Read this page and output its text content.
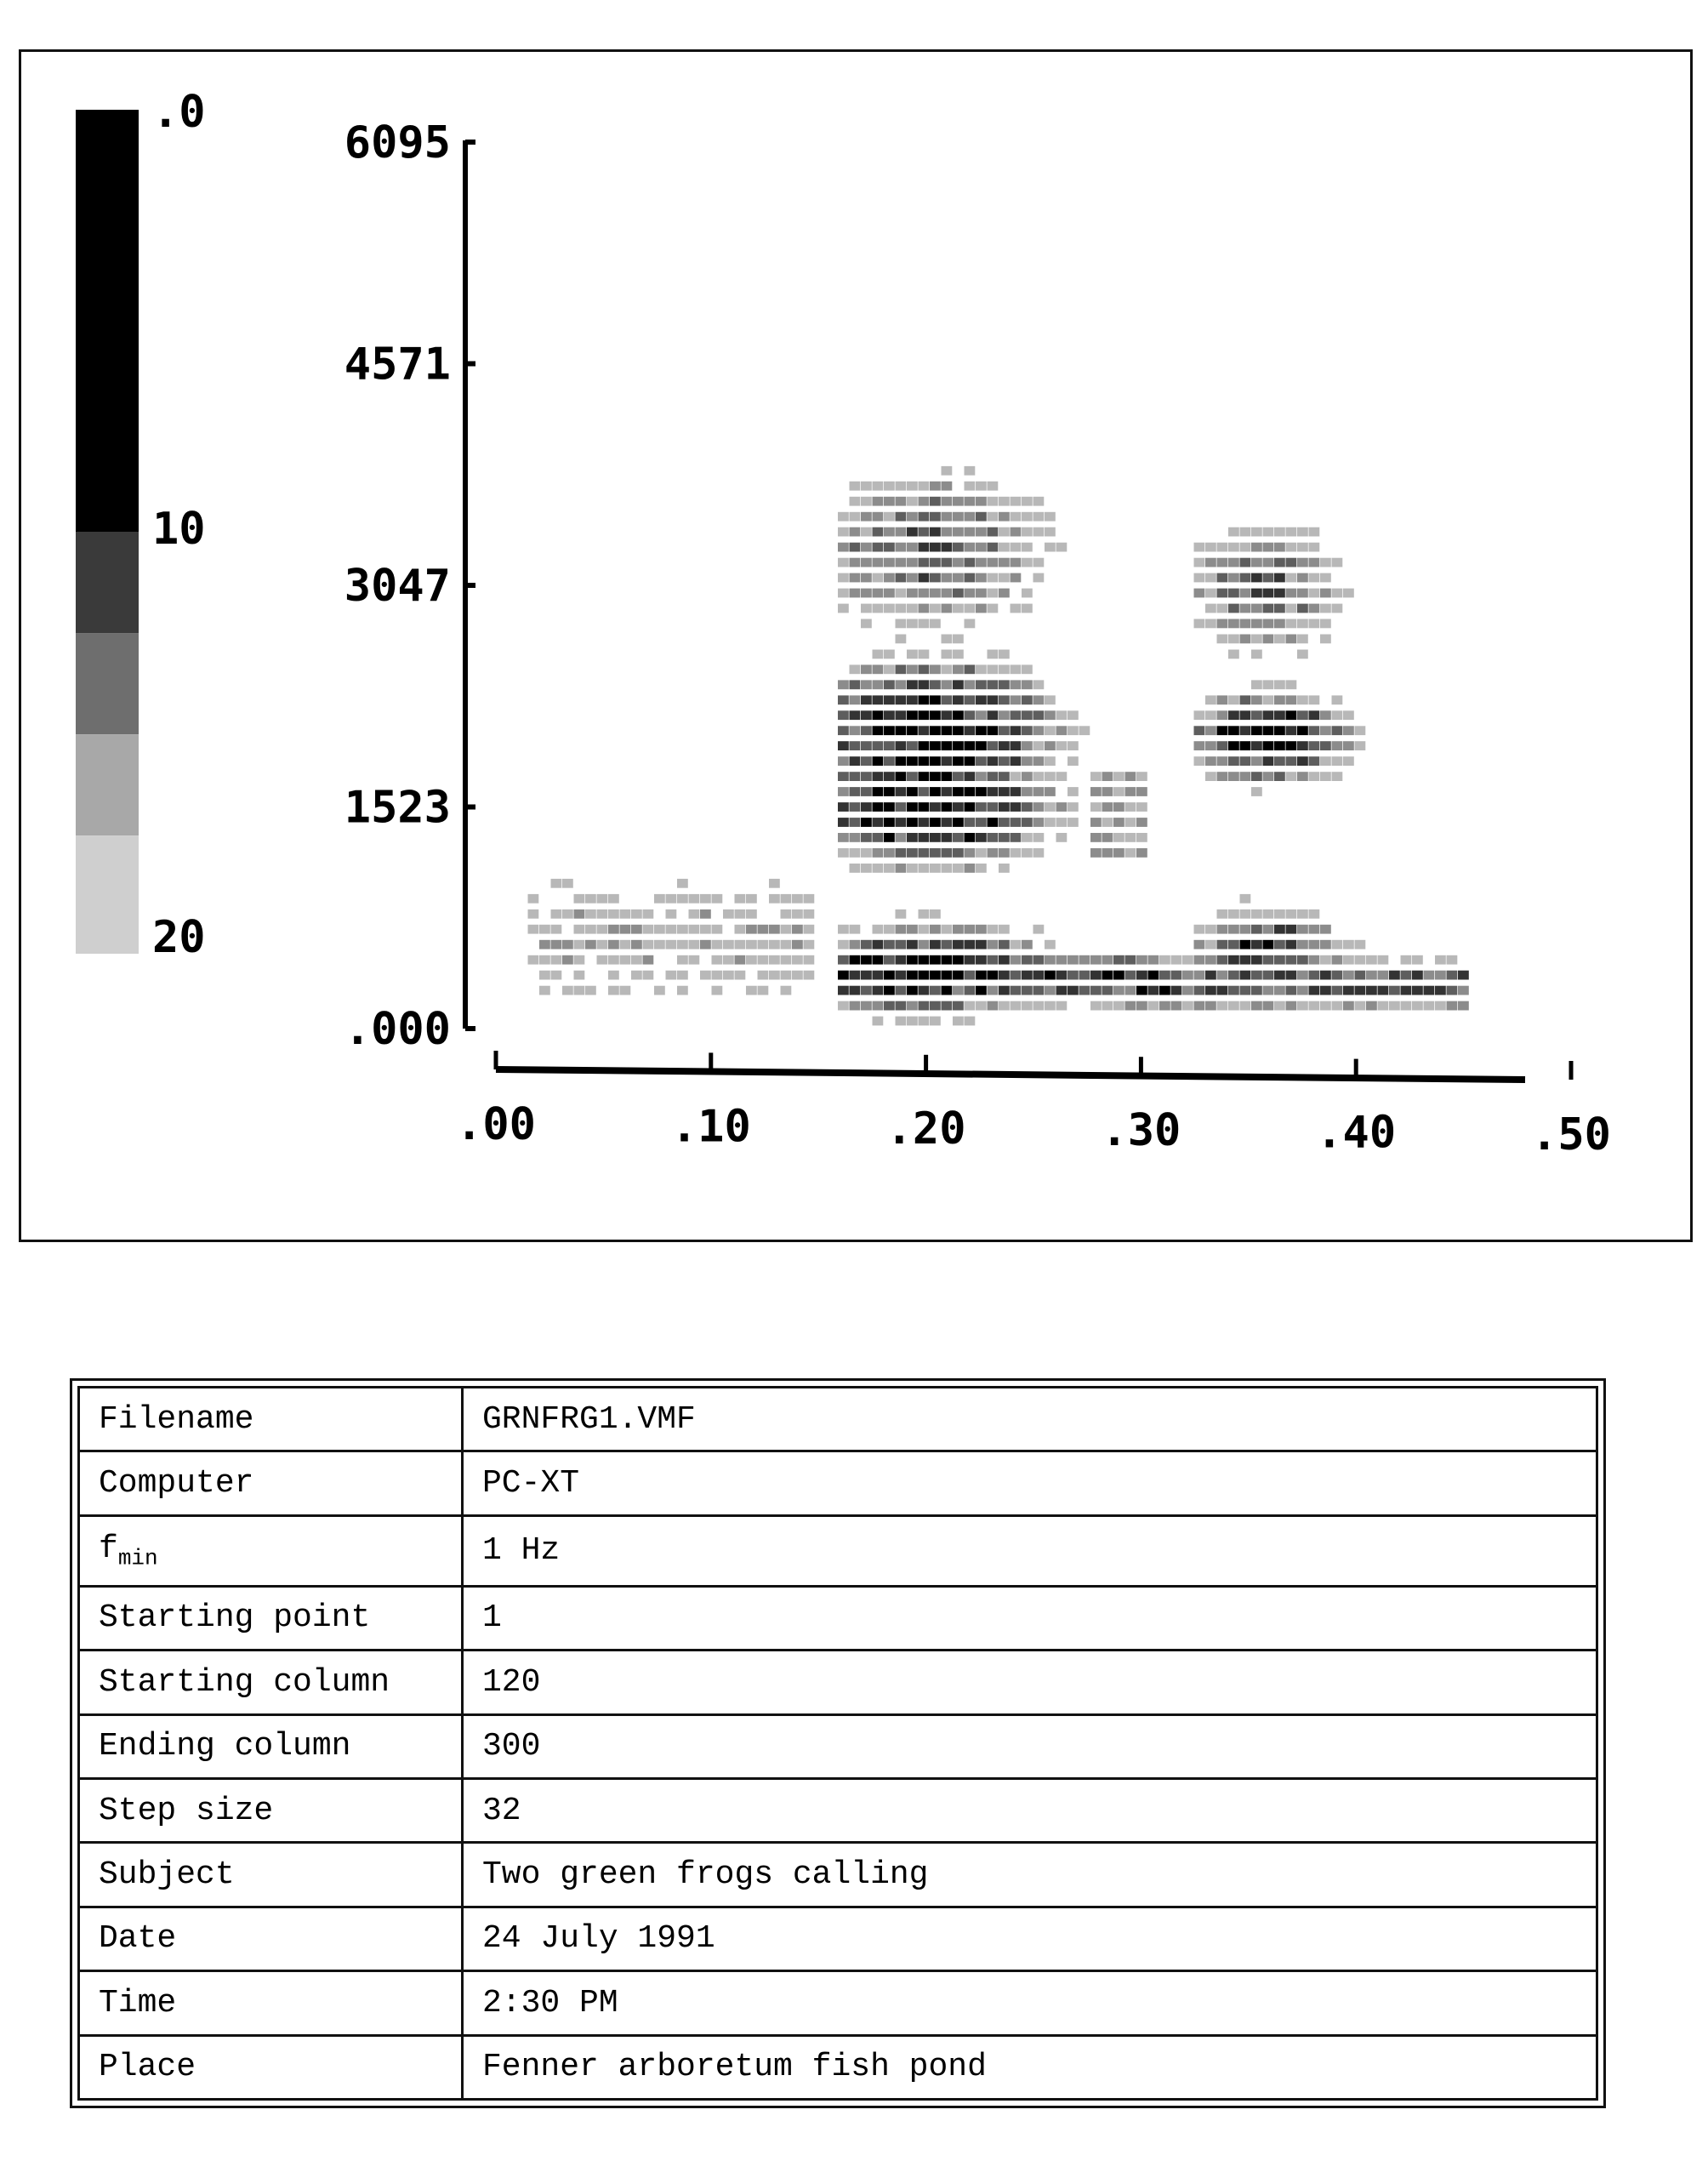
.0
10
20
.000
1523
3047
4571
6095
.00	.10	.20	.30	.40	.50
Filename	GRNFRG1.VMF
Computer	PC-XT
$f_{min}$	1 Hz
Starting point	1
Starting column	120
Ending column	300
Step size	32
Subject	Two green frogs calling
Date	24 July 1991
Time	2:30 PM
Place	Fenner arboretum fish pond
